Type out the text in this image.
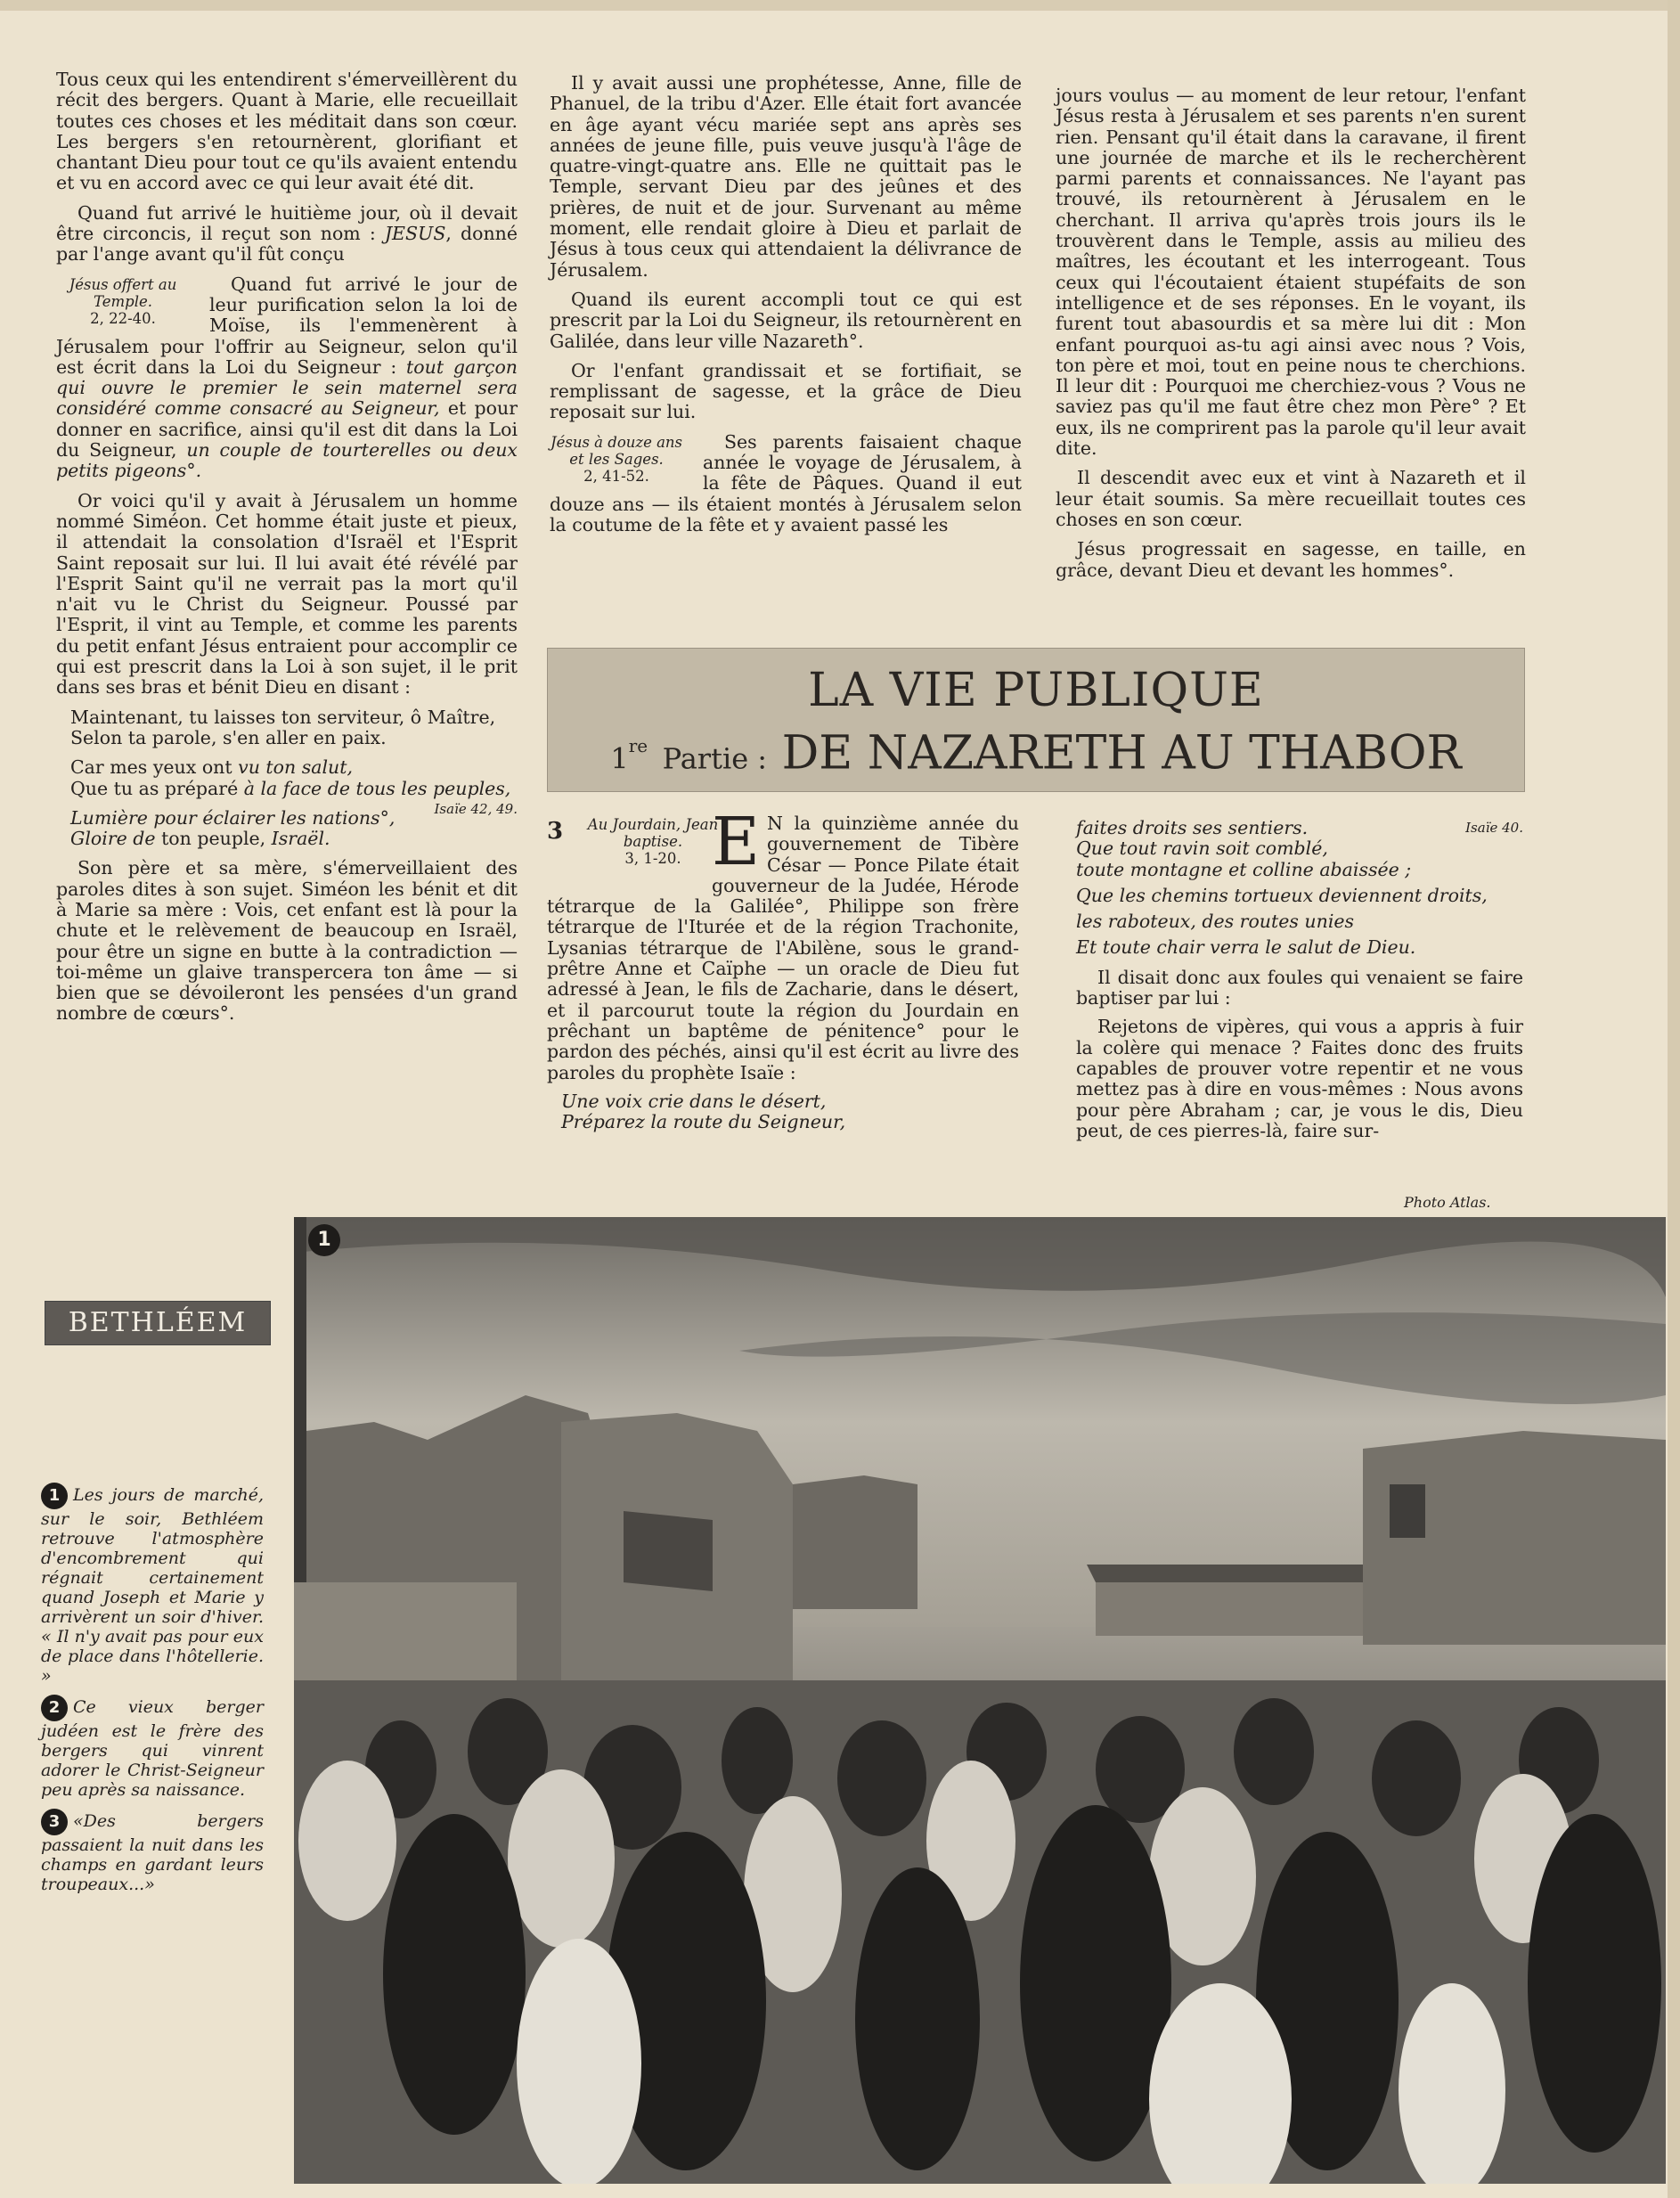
Tous ceux qui les entendirent s'émerveillèrent du récit des bergers. Quant à Marie, elle recueillait toutes ces choses et les méditait dans son cœur. Les bergers s'en retournèrent, glorifiant et chantant Dieu pour tout ce qu'ils avaient entendu et vu en accord avec ce qui leur avait été dit.

Quand fut arrivé le huitième jour, où il devait être circoncis, il reçut son nom : JESUS, donné par l'ange avant qu'il fût conçu

Jésus offert au Temple.
2, 22-40.

Quand fut arrivé le jour de leur purification selon la loi de Moïse, ils l'emmenèrent à Jérusalem pour l'offrir au Seigneur, selon qu'il est écrit dans la Loi du Seigneur : tout garçon qui ouvre le premier le sein maternel sera considéré comme consacré au Seigneur, et pour donner en sacrifice, ainsi qu'il est dit dans la Loi du Seigneur, un couple de tourterelles ou deux petits pigeons°.

Or voici qu'il y avait à Jérusalem un homme nommé Siméon. Cet homme était juste et pieux, il attendait la consolation d'Israël et l'Esprit Saint reposait sur lui. Il lui avait été révélé par l'Esprit Saint qu'il ne verrait pas la mort qu'il n'ait vu le Christ du Seigneur. Poussé par l'Esprit, il vint au Temple, et comme les parents du petit enfant Jésus entraient pour accomplir ce qui est prescrit dans la Loi à son sujet, il le prit dans ses bras et bénit Dieu en disant :

Maintenant, tu laisses ton serviteur, ô Maître,
Selon ta parole, s'en aller en paix.
Car mes yeux ont vu ton salut,
Que tu as préparé à la face de tous les peuples,
Isaïe 42, 49.
Lumière pour éclairer les nations°,
Gloire de ton peuple, Israël.

Son père et sa mère, s'émerveillaient des paroles dites à son sujet. Siméon les bénit et dit à Marie sa mère : Vois, cet enfant est là pour la chute et le relèvement de beaucoup en Israël, pour être un signe en butte à la contradiction — toi-même un glaive transpercera ton âme — si bien que se dévoileront les pensées d'un grand nombre de cœurs°.

Il y avait aussi une prophétesse, Anne, fille de Phanuel, de la tribu d'Azer. Elle était fort avancée en âge ayant vécu mariée sept ans après ses années de jeune fille, puis veuve jusqu'à l'âge de quatre-vingt-quatre ans. Elle ne quittait pas le Temple, servant Dieu par des jeûnes et des prières, de nuit et de jour. Survenant au même moment, elle rendait gloire à Dieu et parlait de Jésus à tous ceux qui attendaient la délivrance de Jérusalem.

Quand ils eurent accompli tout ce qui est prescrit par la Loi du Seigneur, ils retournèrent en Galilée, dans leur ville Nazareth°.

Or l'enfant grandissait et se fortifiait, se remplissant de sagesse, et la grâce de Dieu reposait sur lui.

Jésus à douze ans et les Sages.
2, 41-52.

Ses parents faisaient chaque année le voyage de Jérusalem, à la fête de Pâques. Quand il eut douze ans — ils étaient montés à Jérusalem selon la coutume de la fête et y avaient passé les

jours voulus — au moment de leur retour, l'enfant Jésus resta à Jérusalem et ses parents n'en surent rien. Pensant qu'il était dans la caravane, il firent une journée de marche et ils le recherchèrent parmi parents et connaissances. Ne l'ayant pas trouvé, ils retournèrent à Jérusalem en le cherchant. Il arriva qu'après trois jours ils le trouvèrent dans le Temple, assis au milieu des maîtres, les écoutant et les interrogeant. Tous ceux qui l'écoutaient étaient stupéfaits de son intelligence et de ses réponses. En le voyant, ils furent tout abasourdis et sa mère lui dit : Mon enfant pourquoi as-tu agi ainsi avec nous ? Vois, ton père et moi, tout en peine nous te cherchions. Il leur dit : Pourquoi me cherchiez-vous ? Vous ne saviez pas qu'il me faut être chez mon Père° ? Et eux, ils ne comprirent pas la parole qu'il leur avait dite.

Il descendit avec eux et vint à Nazareth et il leur était soumis. Sa mère recueillait toutes ces choses en son cœur.

Jésus progressait en sagesse, en taille, en grâce, devant Dieu et devant les hommes°.

LA VIE PUBLIQUE
1re Partie : DE NAZARETH AU THABOR
3 Au Jourdain, Jean baptise.
3, 1-20. E N la quinzième année du gouvernement de Tibère César — Ponce Pilate était gouverneur de la Judée, Hérode tétrarque de la Galilée°, Philippe son frère tétrarque de l'Iturée et de la région Trachonite, Lysanias tétrarque de l'Abilène, sous le grand-prêtre Anne et Caïphe — un oracle de Dieu fut adressé à Jean, le fils de Zacharie, dans le désert, et il parcourut toute la région du Jourdain en prêchant un baptême de pénitence° pour le pardon des péchés, ainsi qu'il est écrit au livre des paroles du prophète Isaïe :

Une voix crie dans le désert,
Préparez la route du Seigneur,
faites droits ses sentiers.	Isaïe 40.
Que tout ravin soit comblé,
toute montagne et colline abaissée ;
Que les chemins tortueux deviennent droits,
les raboteux, des routes unies
Et toute chair verra le salut de Dieu.

Il disait donc aux foules qui venaient se faire baptiser par lui :

Rejetons de vipères, qui vous a appris à fuir la colère qui menace ? Faites donc des fruits capables de prouver votre repentir et ne vous mettez pas à dire en vous-mêmes : Nous avons pour père Abraham ; car, je vous le dis, Dieu peut, de ces pierres-là, faire sur-

Photo Atlas.
1
BETHLÉEM

1 Les jours de marché, sur le soir, Bethléem retrouve l'atmosphère d'encombrement qui régnait certainement quand Joseph et Marie y arrivèrent un soir d'hiver. « Il n'y avait pas pour eux de place dans l'hôtellerie. »

2 Ce vieux berger judéen est le frère des bergers qui vinrent adorer le Christ-Seigneur peu après sa naissance.

3 «Des bergers passaient la nuit dans les champs en gardant leurs troupeaux...»
